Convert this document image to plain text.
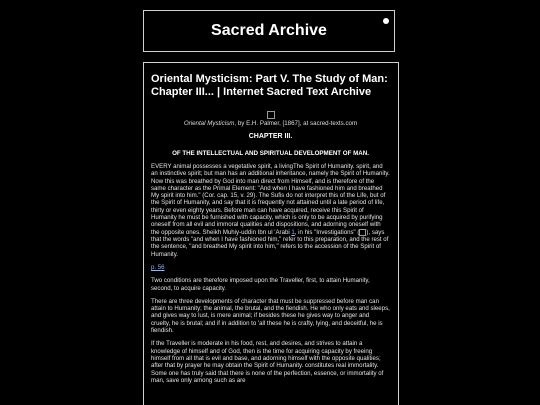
Sacred Archive
Oriental Mysticism: Part V. The Study of Man: Chapter III... | Internet Sacred Text Archive
Oriental Mysticism, by E.H. Palmer, [1867], at sacred-texts.com
CHAPTER III.
OF THE INTELLECTUAL AND SPIRITUAL DEVELOPMENT OF MAN.

EVERY animal possesses a vegetative spirit, a livingThe Spirit of Humanity. spirit, and an instinctive spirit; but man has an additional inheritance, namely the Spirit of Humanity. Now this was breathed by God into man direct from Himself, and is therefore of the same character as the Primal Element: "And when I have fashioned him and breathed My spirit into him." (Cor. cap. 15, v. 29). The Sufis do not interpret this of the Life, but of the Spirit of Humanity, and say that it is frequently not attained until a late period of life, thirty or even eighty years. Before man can have acquired, receive this Spirit of Humanity he must be furnished with capacity, which is only to be acquired by purifying oneself from all evil and immoral qualities and dispositions, and adorning oneself with the opposite ones. Sheikh Muhiy-uddin Ibn ul 'Arabi 1, in his "Investigations" ( ), says that the words "and when I have fashioned him," refer to this preparation, and the rest of the sentence, "and breathed My spirit into him," refers to the accession of the Spirit of Humanity.

p. 56

Two conditions are therefore imposed upon the Traveller, first, to attain Humanity, second, to acquire capacity.

There are three developments of character that must be suppressed before man can attain to Humanity; the animal, the brutal, and the fiendish. He who only eats and sleeps, and gives way to lust, is mere animal; if besides these he gives way to anger and cruelty, he is brutal; and if in addition to 'all these he is crafty, lying, and deceitful, he is fiendish.

If the Traveller is moderate in his food, rest, and desires, and strives to attain a knowledge of himself and of God, then is the time for acquiring capacity by freeing himself from all that is evil and base, and adorning himself with the opposite qualities; after that by prayer he may obtain the Spirit of Humanity. constitutes real immortality. Some one has truly said that there is none of the perfection, essence, or immortality of man, save only among such as are
